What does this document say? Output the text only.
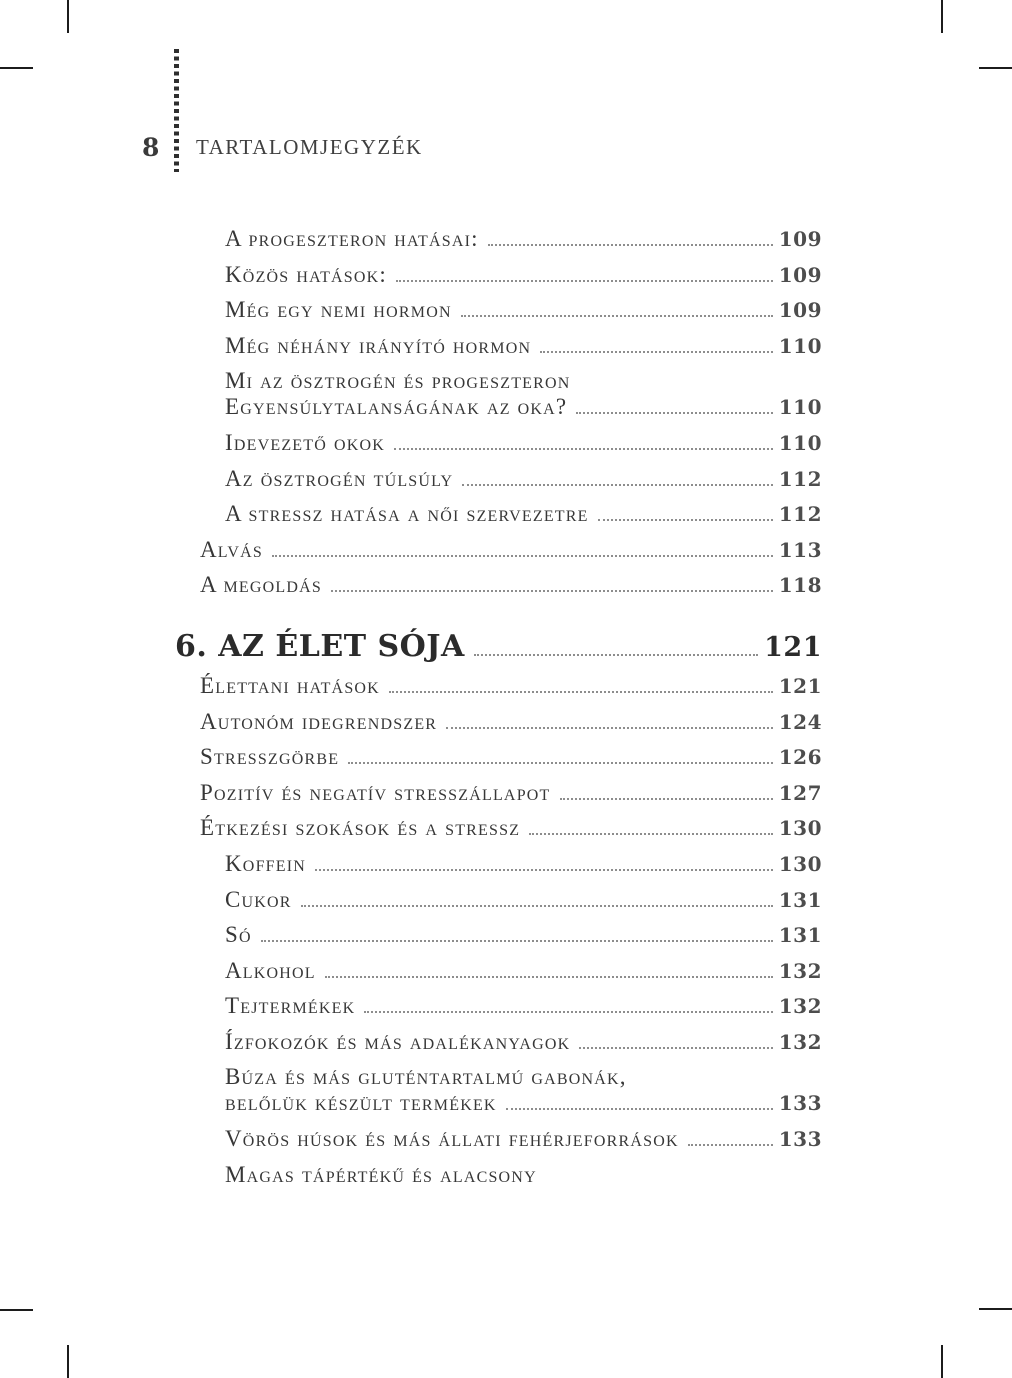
8 TARTALOMJEGYZÉK
A progeszteron hatásai:	109
Közös hatások:	109
Még egy nemi hormon	109
Még néhány irányító hormon	110
Mi az ösztrogén és progeszteron
Egyensúlytalanságának az oka?	110
Idevezető okok	110
Az ösztrogén túlsúly	112
A stressz hatása a női szervezetre	112
Alvás	113
A megoldás	118
6. AZ ÉLET SÓJA	121
Élettani hatások	121
Autonóm idegrendszer	124
Stresszgörbe	126
Pozitív és negatív stresszállapot	127
Étkezési szokások és a stressz	130
Koffein	130
Cukor	131
Só	131
Alkohol	132
Tejtermékek	132
Ízfokozók és más adalékanyagok	132
Búza és más gluténtartalmú gabonák,
belőlük készült termékek	133
Vörös húsok és más állati fehérjeforrások	133
Magas tápértékű és alacsony
